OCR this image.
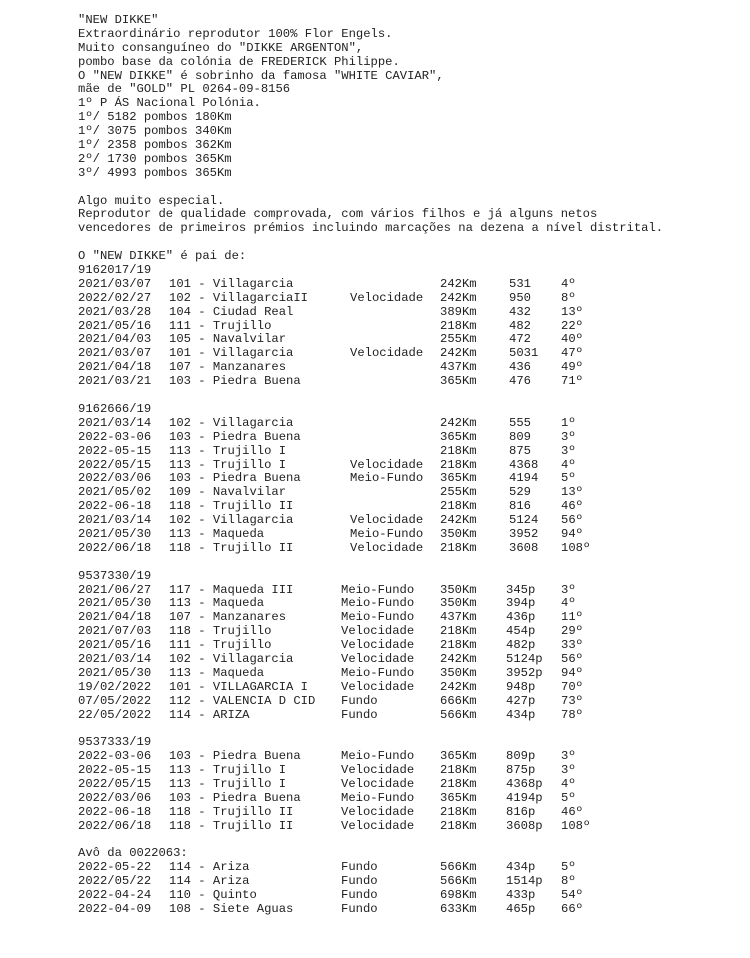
"NEW DIKKE"
Extraordinário reprodutor 100% Flor Engels.
Muito consanguíneo do "DIKKE ARGENTON",
pombo base da colónia de FREDERICK Philippe.
O "NEW DIKKE" é sobrinho da famosa "WHITE CAVIAR",
mãe de "GOLD" PL 0264-09-8156
1º P ÁS Nacional Polónia.
1º/ 5182 pombos 180Km
1º/ 3075 pombos 340Km
1º/ 2358 pombos 362Km
2º/ 1730 pombos 365Km
3º/ 4993 pombos 365Km
Algo muito especial.
Reprodutor de qualidade comprovada, com vários filhos e já alguns netos
vencedores de primeiros prémios incluindo marcações na dezena a nível distrital.
O "NEW DIKKE" é pai de:
9162017/19
2021/03/07 101 - Villagarcia	242Km	531 4º
2022/02/27 102 - VillagarciaII	Velocidade 242Km	950 8º
2021/03/28 104 - Ciudad Real	389Km	432 13º
2021/05/16 111 - Trujillo	218Km	482 22º
2021/04/03 105 - Navalvilar	255Km	472 40º
2021/03/07 101 - Villagarcia	Velocidade 242Km	5031 47º
2021/04/18 107 - Manzanares	437Km	436 49º
2021/03/21 103 - Piedra Buena	365Km	476 71º
9162666/19
2021/03/14 102 - Villagarcia	242Km	555 1º
2022-03-06 103 - Piedra Buena	365Km	809 3º
2022-05-15 113 - Trujillo I	218Km	875 3º
2022/05/15 113 - Trujillo I	Velocidade 218Km	4368 4º
2022/03/06 103 - Piedra Buena	Meio-Fundo 365Km	4194 5º
2021/05/02 109 - Navalvilar	255Km	529 13º
2022-06-18 118 - Trujillo II	218Km	816 46º
2021/03/14 102 - Villagarcia	Velocidade 242Km	5124 56º
2021/05/30 113 - Maqueda	Meio-Fundo 350Km	3952 94º
2022/06/18 118 - Trujillo II	Velocidade 218Km	3608 108º
9537330/19
2021/06/27 117 - Maqueda III	Meio-Fundo 350Km 345p 3º
2021/05/30 113 - Maqueda	Meio-Fundo 350Km 394p 4º
2021/04/18 107 - Manzanares	Meio-Fundo 437Km 436p 11º
2021/07/03 118 - Trujillo	Velocidade 218Km 454p 29º
2021/05/16 111 - Trujillo	Velocidade 218Km 482p 33º
2021/03/14 102 - Villagarcia	Velocidade 242Km 5124p 56º
2021/05/30 113 - Maqueda	Meio-Fundo 350Km 3952p 94º
19/02/2022 101 - VILLAGARCIA I	Velocidade 242Km 948p 70º
07/05/2022 112 - VALENCIA D CID Fundo	666Km 427p 73º
22/05/2022 114 - ARIZA	Fundo	566Km 434p 78º
9537333/19
2022-03-06 103 - Piedra Buena	Meio-Fundo 365Km 809p 3º
2022-05-15 113 - Trujillo I	Velocidade 218Km 875p 3º
2022/05/15 113 - Trujillo I	Velocidade 218Km 4368p 4º
2022/03/06 103 - Piedra Buena	Meio-Fundo 365Km 4194p 5º
2022-06-18 118 - Trujillo II	Velocidade 218Km 816p 46º
2022/06/18 118 - Trujillo II	Velocidade 218Km 3608p 108º
Avô da 0022063:
2022-05-22 114 - Ariza	Fundo	566Km 434p 5º
2022/05/22 114 - Ariza	Fundo	566Km 1514p 8º
2022-04-24 110 - Quinto	Fundo	698Km 433p 54º
2022-04-09 108 - Siete Aguas	Fundo	633Km 465p 66º
